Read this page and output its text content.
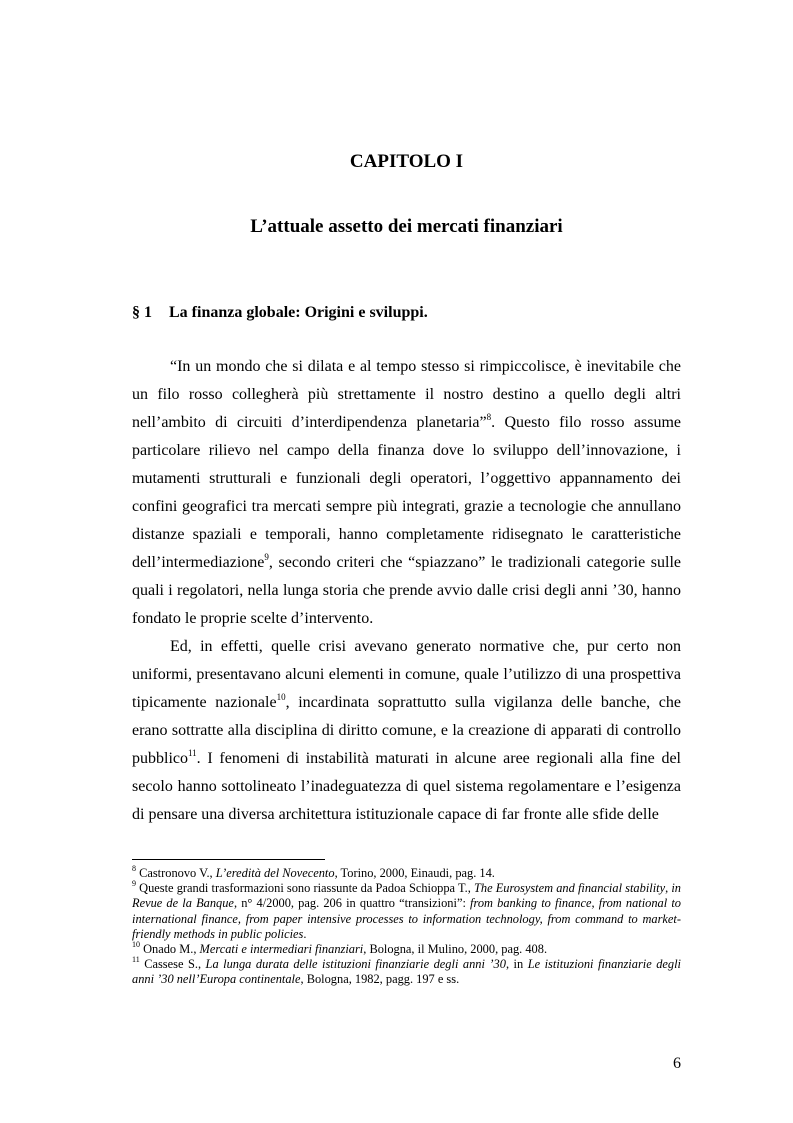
CAPITOLO I
L’attuale assetto dei mercati finanziari
§ 1 La finanza globale: Origini e sviluppi.

“In un mondo che si dilata e al tempo stesso si rimpiccolisce, è inevitabile che un filo rosso collegherà più strettamente il nostro destino a quello degli altri nell’ambito di circuiti d’interdipendenza planetaria”$^8$. Questo filo rosso assume particolare rilievo nel campo della finanza dove lo sviluppo dell’innovazione, i mutamenti strutturali e funzionali degli operatori, l’oggettivo appannamento dei confini geografici tra mercati sempre più integrati, grazie a tecnologie che annullano distanze spaziali e temporali, hanno completamente ridisegnato le caratteristiche dell’intermediazione$^9$, secondo criteri che “spiazzano” le tradizionali categorie sulle quali i regolatori, nella lunga storia che prende avvio dalle crisi degli anni ’30, hanno fondato le proprie scelte d’intervento.

Ed, in effetti, quelle crisi avevano generato normative che, pur certo non uniformi, presentavano alcuni elementi in comune, quale l’utilizzo di una prospettiva tipicamente nazionale$^{10}$, incardinata soprattutto sulla vigilanza delle banche, che erano sottratte alla disciplina di diritto comune, e la creazione di apparati di controllo pubblico$^{11}$. I fenomeni di instabilità maturati in alcune aree regionali alla fine del secolo hanno sottolineato l’inadeguatezza di quel sistema regolamentare e l’esigenza di pensare una diversa architettura istituzionale capace di far fronte alle sfide delle

$^8$ Castronovo V., L’eredità del Novecento, Torino, 2000, Einaudi, pag. 14.

$^9$ Queste grandi trasformazioni sono riassunte da Padoa Schioppa T., The Eurosystem and financial stability, in Revue de la Banque, n° 4/2000, pag. 206 in quattro “transizioni”: from banking to finance, from national to international finance, from paper intensive processes to information technology, from command to market-friendly methods in public policies.

$^{10}$ Onado M., Mercati e intermediari finanziari, Bologna, il Mulino, 2000, pag. 408.

$^{11}$ Cassese S., La lunga durata delle istituzioni finanziarie degli anni ’30, in Le istituzioni finanziarie degli anni ’30 nell’Europa continentale, Bologna, 1982, pagg. 197 e ss.

6
